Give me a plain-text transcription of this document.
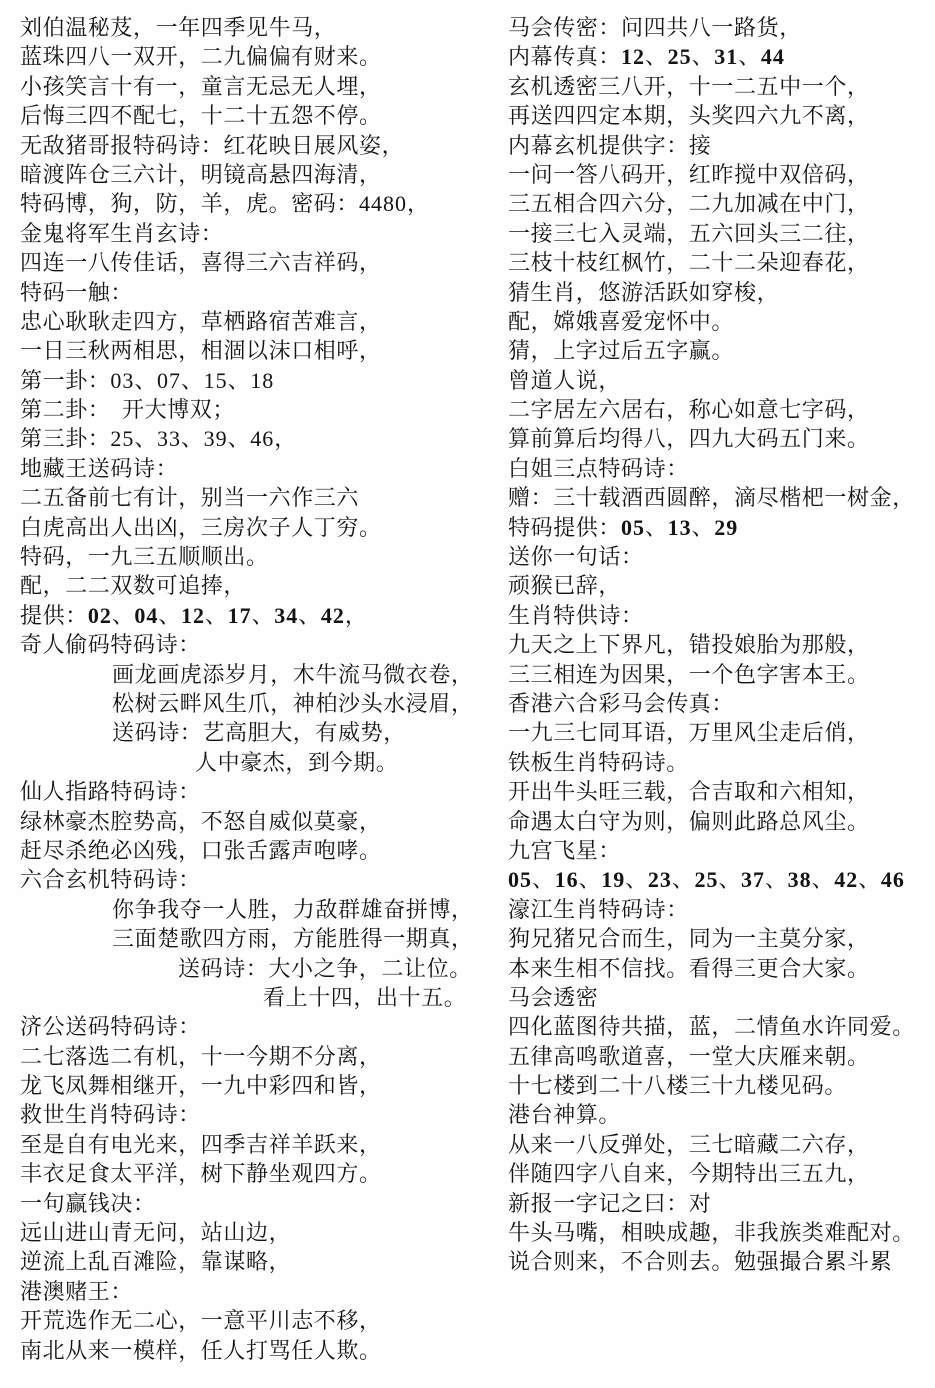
刘伯温秘芨，一年四季见牛马，
蓝珠四八一双开，二九偏偏有财来。
小孩笑言十有一，童言无忌无人埋，
后悔三四不配七，十二十五怨不停。
无敌猪哥报特码诗：红花映日展风姿，
暗渡阵仓三六计，明镜高悬四海清，
特码博，狗，防，羊，虎。密码：4480，
金鬼将军生肖玄诗：
四连一八传佳话，喜得三六吉祥码，
特码一触：
忠心耿耿走四方，草栖路宿苦难言，
一日三秋两相思，相涸以沫口相呼，
第一卦：03、07、15、18
第二卦：　开大博双；
第三卦：25、33、39、46，
地藏王送码诗：
二五备前七有计，别当一六作三六
白虎高出人出凶，三房次子人丁穷。
特码，一九三五顺顺出。
配，二二双数可追捧，
提供：02、04、12、17、34、42，
奇人偷码特码诗：
画龙画虎添岁月，木牛流马微衣卷，
松树云畔风生爪，神柏沙头水浸眉，
送码诗：艺高胆大，有威势，
人中豪杰，到今期。
仙人指路特码诗：
绿林豪杰腔势高，不怒自威似莫豪，
赶尽杀绝必凶残，口张舌露声咆哮。
六合玄机特码诗：
你争我夺一人胜，力敌群雄奋拼博，
三面楚歌四方雨，方能胜得一期真，
送码诗：大小之争，二让位。
看上十四，出十五。
济公送码特码诗：
二七落选二有机，十一今期不分离，
龙飞凤舞相继开，一九中彩四和皆，
救世生肖特码诗：
至是自有电光来，四季吉祥羊跃来，
丰衣足食太平洋，树下静坐观四方。
一句赢钱决：
远山进山青无问，站山边，
逆流上乱百滩险，靠谋略，
港澳赌王：
开荒选作无二心，一意平川志不移，
南北从来一模样，任人打骂任人欺。
马会传密：问四共八一路货，
内幕传真：12、25、31、44
玄机透密三八开，十一二五中一个，
再送四四定本期，头奖四六九不离，
内幕玄机提供字：接
一问一答八码开，红昨搅中双倍码，
三五相合四六分，二九加减在中门，
一接三七入灵端，五六回头三二往，
三枝十枝红枫竹，二十二朵迎春花，
猜生肖，悠游活跃如穿梭，
配，嫦娥喜爱宠怀中。
猜，上字过后五字赢。
曾道人说，
二字居左六居右，称心如意七字码，
算前算后均得八，四九大码五门来。
白姐三点特码诗：
赠：三十载酒西圆醉，滴尽楷杷一树金，
特码提供：05、13、29
送你一句话：
顽猴已辞，
生肖特供诗：
九天之上下界凡，错投娘胎为那般，
三三相连为因果，一个色字害本王。
香港六合彩马会传真：
一九三七同耳语，万里风尘走后俏，
铁板生肖特码诗。
开出牛头旺三载，合吉取和六相知，
命遇太白守为则，偏则此路总风尘。
九宫飞星：
05、16、19、23、25、37、38、42、46
濠江生肖特码诗：
狗兄猪兄合而生，同为一主莫分家，
本来生相不信找。看得三更合大家。
马会透密
四化蓝图待共描，蓝，二情鱼水许同爱。
五律高鸣歌道喜，一堂大庆雁来朝。
十七楼到二十八楼三十九楼见码。
港台神算。
从来一八反弹处，三七暗藏二六存，
伴随四字八自来，今期特出三五九，
新报一字记之曰：对
牛头马嘴，相映成趣，非我族类难配对。
说合则来，不合则去。勉强撮合累斗累
